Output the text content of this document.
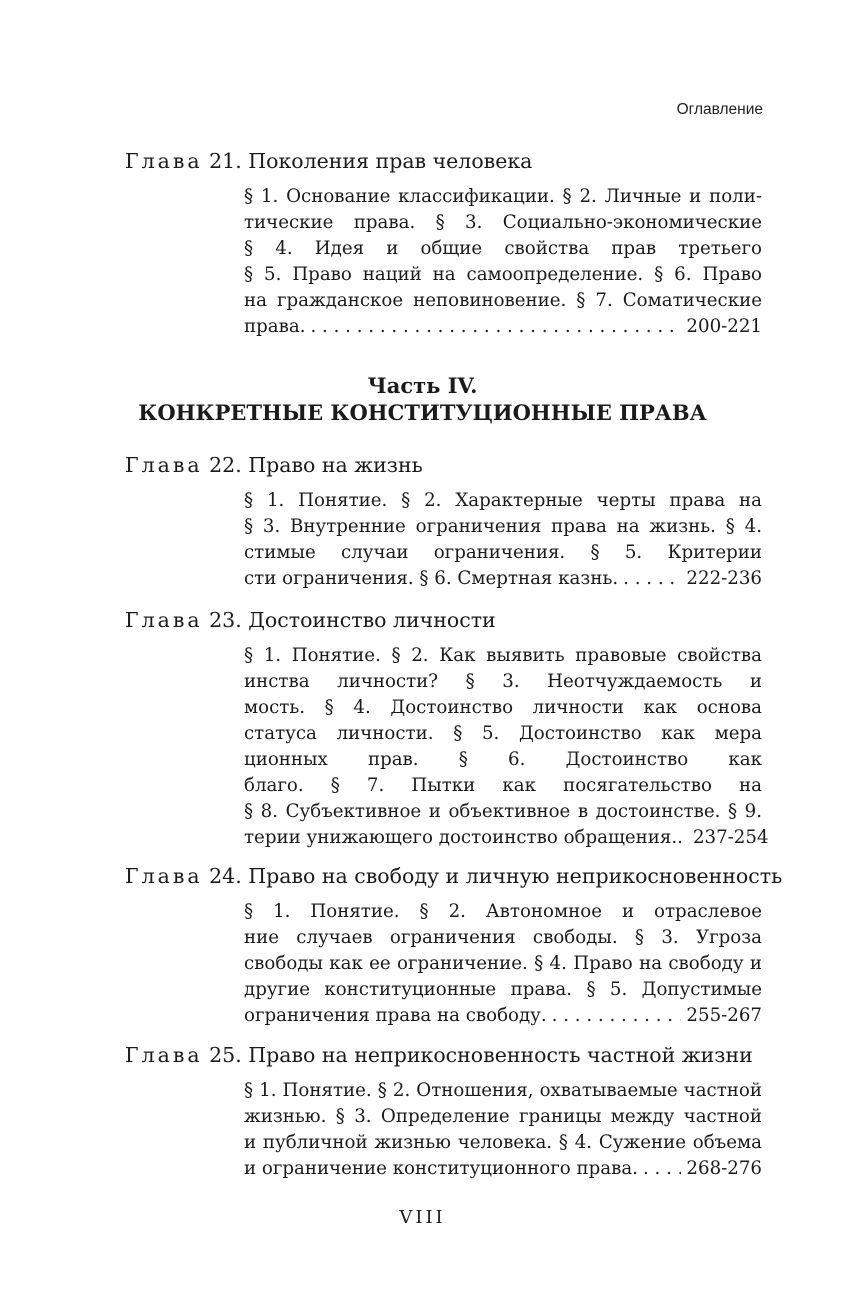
Оглавление
Глава 21. Поколения прав человека
§ 1. Основание классификации. § 2. Личные и поли-
тические права. § 3. Социально-экономические
§ 4. Идея и общие свойства прав третьего
§ 5. Право наций на самоопределение. § 6. Право
на гражданское неповиновение. § 7. Соматические
права. . . .	200-221
Часть IV.
КОНКРЕТНЫЕ КОНСТИТУЦИОННЫЕ ПРАВА
Глава 22. Право на жизнь
§ 1. Понятие. § 2. Характерные черты права на
§ 3. Внутренние ограничения права на жизнь. § 4.
стимые случаи ограничения. § 5. Критерии
сти ограничения. § 6. Смертная казнь. . . .	222-236
Глава 23. Достоинство личности
§ 1. Понятие. § 2. Как выявить правовые свойства
инства личности? § 3. Неотчуждаемость и
мость. § 4. Достоинство личности как основа
статуса личности. § 5. Достоинство как мера
ционных прав. § 6. Достоинство как
благо. § 7. Пытки как посягательство на
§ 8. Субъективное и объективное в достоинстве. § 9.
терии унижающего достоинство обращения.. 237-254
Глава 24. Право на свободу и личную неприкосновенность
§ 1. Понятие. § 2. Автономное и отраслевое
ние случаев ограничения свободы. § 3. Угроза
свободы как ее ограничение. § 4. Право на свободу и
другие конституционные права. § 5. Допустимые
ограничения права на свободу. . . .	255-267
Глава 25. Право на неприкосновенность частной жизни
§ 1. Понятие. § 2. Отношения, охватываемые частной
жизнью. § 3. Определение границы между частной
и публичной жизнью человека. § 4. Сужение объема
и ограничение конституционного права. . . .	268-276
VIII
